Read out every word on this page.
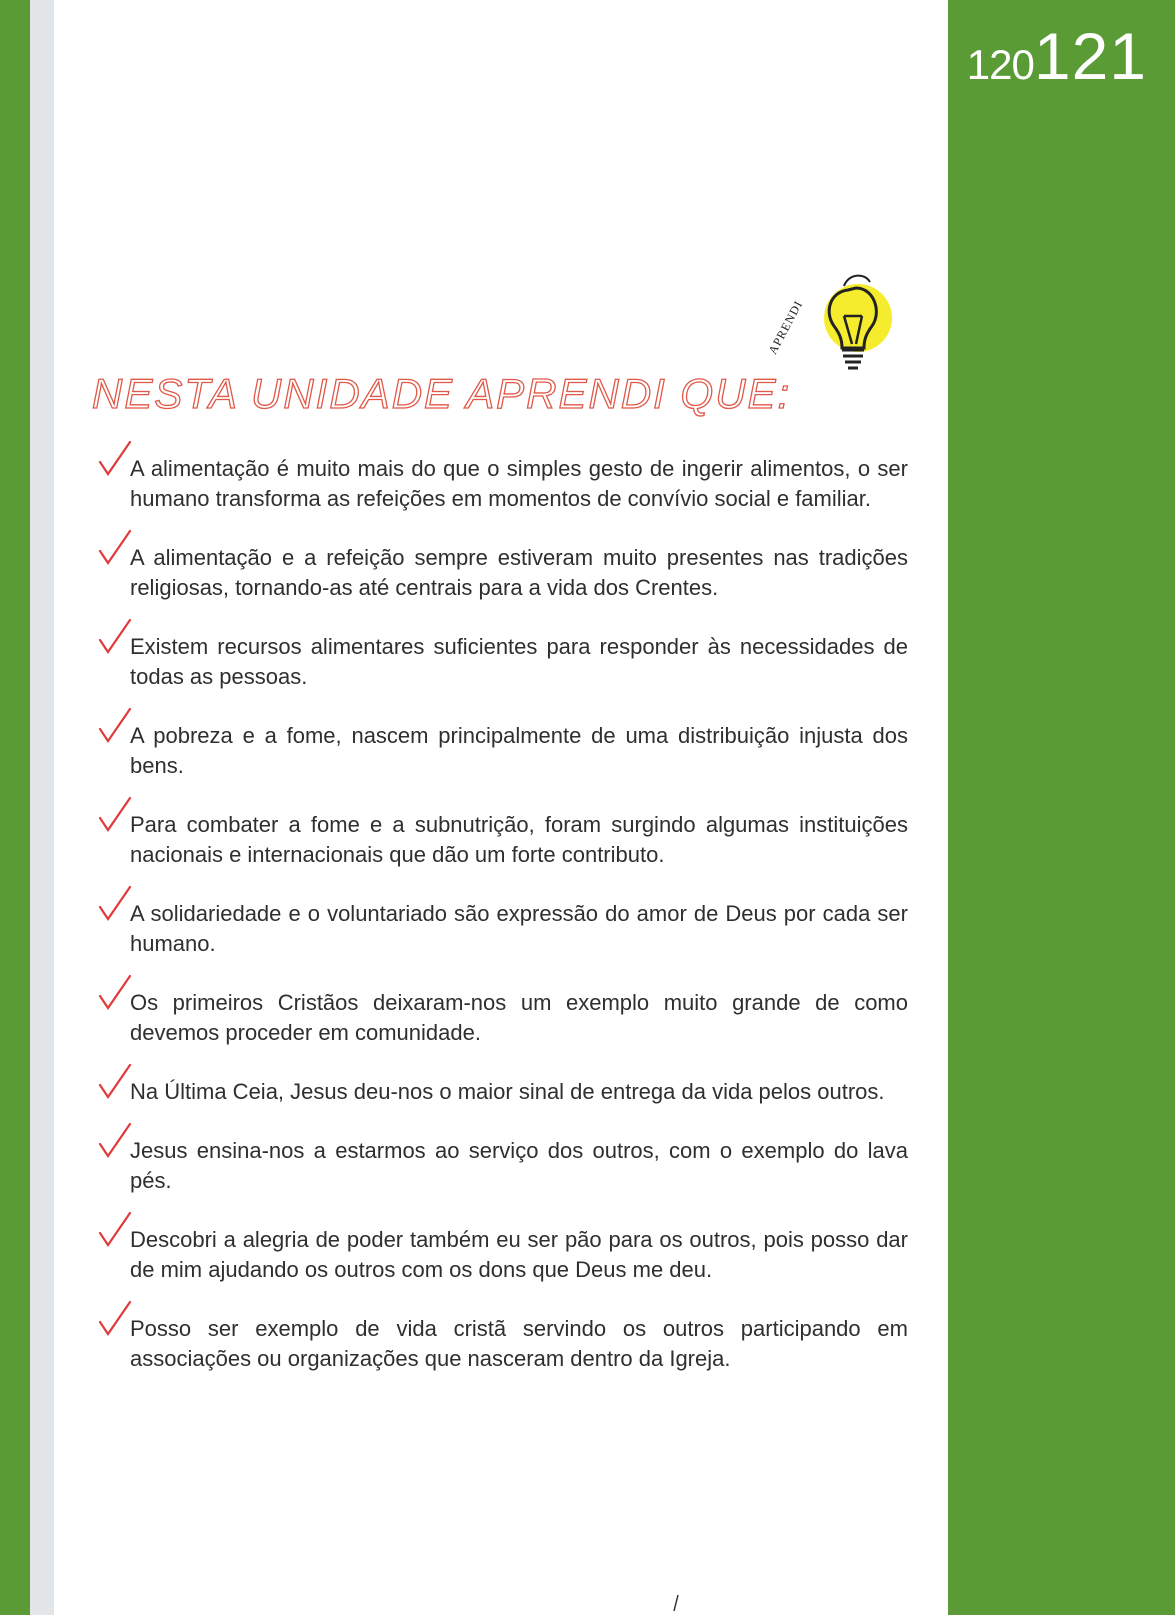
120121
NESTA UNIDADE APRENDI QUE:
APRENDI
A alimentação é muito mais do que o simples gesto de ingerir alimentos, o ser humano transforma as refeições em momentos de convívio social e familiar.
A alimentação e a refeição sempre estiveram muito presentes nas tradições religiosas, tornando-as até centrais para a vida dos Crentes.
Existem recursos alimentares suficientes para responder às necessidades de todas as pessoas.
A pobreza e a fome, nascem principalmente de uma distribuição injusta dos bens.
Para combater a fome e a subnutrição, foram surgindo algumas instituições nacionais e internacionais que dão um forte contributo.
A solidariedade e o voluntariado são expressão do amor de Deus por cada ser humano.
Os primeiros Cristãos deixaram-nos um exemplo muito grande de como devemos proceder em comunidade.
Na Última Ceia, Jesus deu-nos o maior sinal de entrega da vida pelos outros.
Jesus ensina-nos a estarmos ao serviço dos outros, com o exemplo do lava pés.
Descobri a alegria de poder também eu ser pão para os outros, pois posso dar de mim ajudando os outros com os dons que Deus me deu.
Posso ser exemplo de vida cristã servindo os outros participando em associações ou organizações que nasceram dentro da Igreja.
